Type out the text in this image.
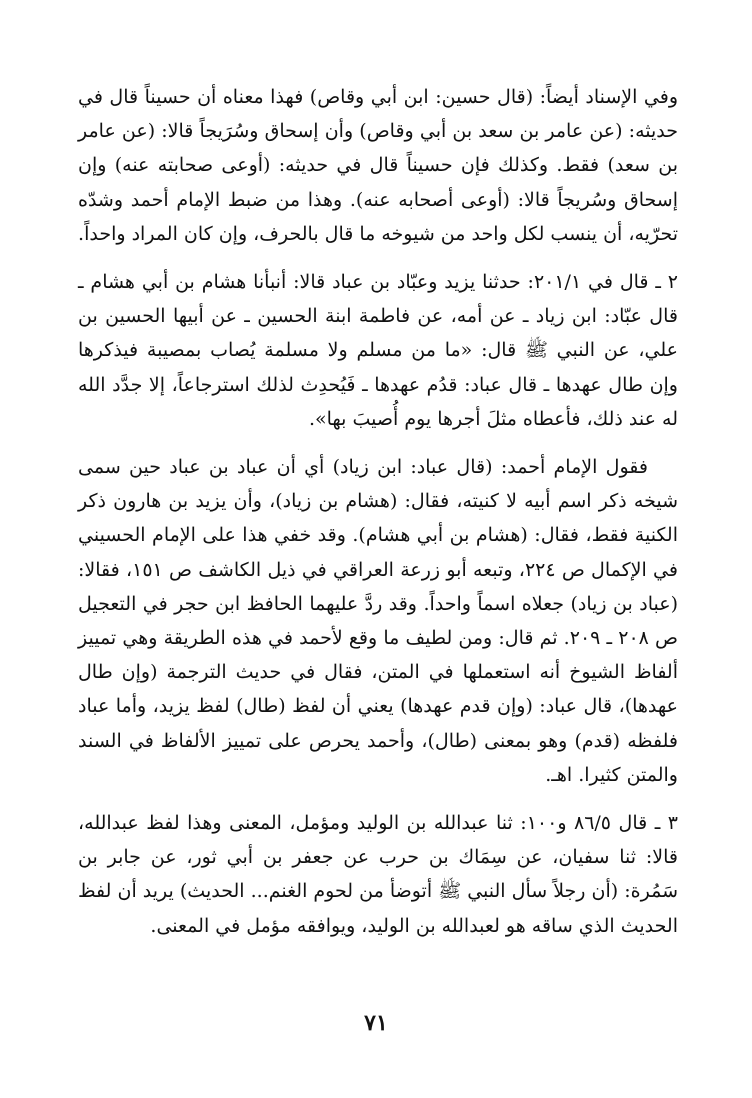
وفي الإسناد أيضاً: (قال حسين: ابن أبي وقاص) فهذا معناه أن حسيناً قال في حديثه: (عن عامر بن سعد بن أبي وقاص) وأن إسحاق وسُرَيجاً قالا: (عن عامر بن سعد) فقط. وكذلك فإن حسيناً قال في حديثه: (أوعى صحابته عنه) وإن إسحاق وسُريجاً قالا: (أوعى أصحابه عنه). وهذا من ضبط الإمام أحمد وشدّه تحرّيه، أن ينسب لكل واحد من شيوخه ما قال بالحرف، وإن كان المراد واحداً.

٢ ـ قال في ٢٠١/١: حدثنا يزيد وعبّاد بن عباد قالا: أنبأنا هشام بن أبي هشام ـ قال عبّاد: ابن زياد ـ عن أمه، عن فاطمة ابنة الحسين ـ عن أبيها الحسين بن علي، عن النبي ﷺ قال: «ما من مسلم ولا مسلمة يُصاب بمصيبة فيذكرها وإن طال عهدها ـ قال عباد: قدُم عهدها ـ فَيُحدِث لذلك استرجاعاً، إلا جدَّد الله له عند ذلك، فأعطاه مثلَ أجرها يوم أُصيبَ بها».

فقول الإمام أحمد: (قال عباد: ابن زياد) أي أن عباد بن عباد حين سمى شيخه ذكر اسم أبيه لا كنيته، فقال: (هشام بن زياد)، وأن يزيد بن هارون ذكر الكنية فقط، فقال: (هشام بن أبي هشام). وقد خفي هذا على الإمام الحسيني في الإكمال ص ٢٢٤، وتبعه أبو زرعة العراقي في ذيل الكاشف ص ١٥١، فقالا: (عباد بن زياد) جعلاه اسماً واحداً. وقد ردَّ عليهما الحافظ ابن حجر في التعجيل ص ٢٠٨ ـ ٢٠٩. ثم قال: ومن لطيف ما وقع لأحمد في هذه الطريقة وهي تمييز ألفاظ الشيوخ أنه استعملها في المتن، فقال في حديث الترجمة (وإن طال عهدها)، قال عباد: (وإن قدم عهدها) يعني أن لفظ (طال) لفظ يزيد، وأما عباد فلفظه (قدم) وهو بمعنى (طال)، وأحمد يحرص على تمييز الألفاظ في السند والمتن كثيرا. اهـ.

٣ ـ قال ٨٦/٥ و١٠٠: ثنا عبدالله بن الوليد ومؤمل، المعنى وهذا لفظ عبدالله، قالا: ثنا سفيان، عن سِمَاك بن حرب عن جعفر بن أبي ثور، عن جابر بن سَمُرة: (أن رجلاً سأل النبي ﷺ أتوضأ من لحوم الغنم... الحديث) يريد أن لفظ الحديث الذي ساقه هو لعبدالله بن الوليد، ويوافقه مؤمل في المعنى.

٧١
